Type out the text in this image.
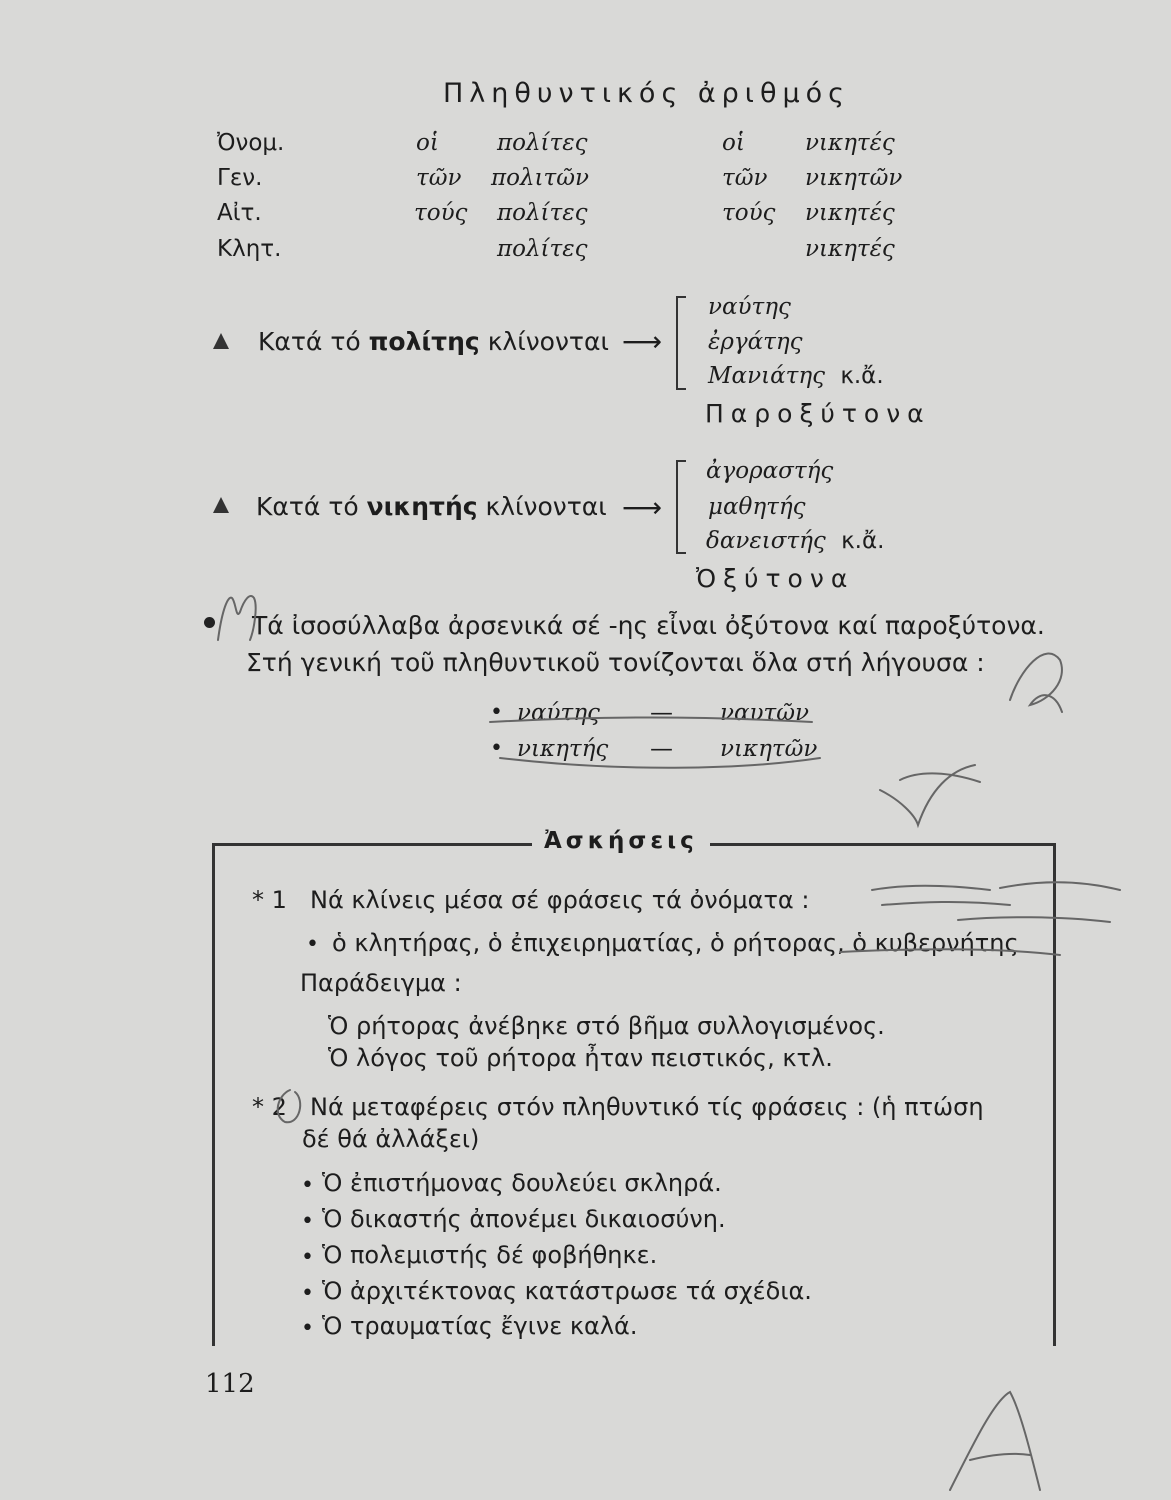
Πληθυντικός ἀριθμός
Ὀνομ.	οἱ	πολίτες	οἱ	νικητές
Γεν.	τῶν πολιτῶν	τῶν νικητῶν
Αἰτ.	τούς πολίτες	τούς νικητές
Κλητ.	πολίτες	νικητές
Κατά τό πολίτης κλίνονται ⟶
ναύτης
ἐργάτης
Μανιάτης κ.ἄ.
Παροξύτονα
Κατά τό νικητής κλίνονται ⟶
ἀγοραστής
μαθητής
δανειστής κ.ἄ.
Ὀξύτονα
Τά ἰσοσύλλαβα ἀρσενικά σέ -ης εἶναι ὀξύτονα καί παροξύτονα.
Στή γενική τοῦ πληθυντικοῦ τονίζονται ὅλα στή λήγουσα :
• ναύτης — ναυτῶν
• νικητής — νικητῶν
Ἀσκήσεις
* 1 Νά κλίνεις μέσα σέ φράσεις τά ὀνόματα :
• ὁ κλητήρας, ὁ ἐπιχειρηματίας, ὁ ρήτορας, ὁ κυβερνήτης
Παράδειγμα :
Ὁ ρήτορας ἀνέβηκε στό βῆμα συλλογισμένος.
Ὁ λόγος τοῦ ρήτορα ἦταν πειστικός, κτλ.
* 2 Νά μεταφέρεις στόν πληθυντικό τίς φράσεις : (ἡ πτώση
δέ θά ἀλλάξει)
• Ὁ ἐπιστήμονας δουλεύει σκληρά.
• Ὁ δικαστής ἀπονέμει δικαιοσύνη.
• Ὁ πολεμιστής δέ φοβήθηκε.
• Ὁ ἀρχιτέκτονας κατάστρωσε τά σχέδια.
• Ὁ τραυματίας ἔγινε καλά.
112
